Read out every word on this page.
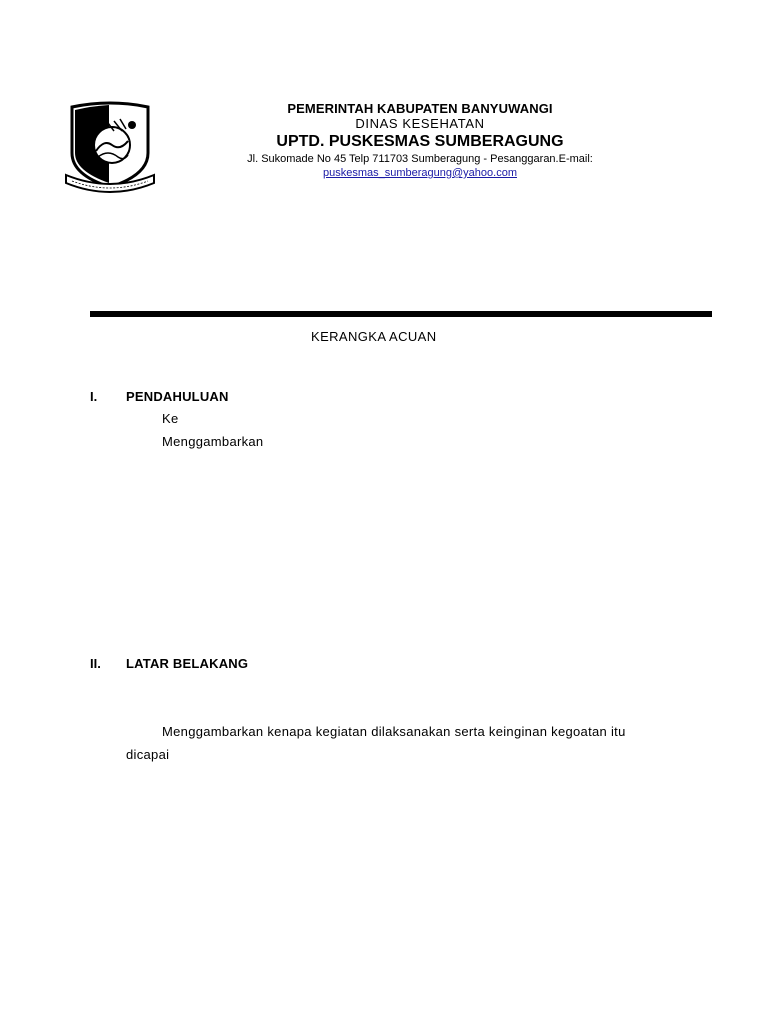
PEMERINTAH KABUPATEN BANYUWANGI
DINAS KESEHATAN
UPTD. PUSKESMAS SUMBERAGUNG
Jl. Sukomade No 45 Telp 711703 Sumberagung - Pesanggaran.E-mail:
puskesmas_sumberagung@yahoo.com
KERANGKA ACUAN
I. PENDAHULUAN
Ke
Menggambarkan
II. LATAR BELAKANG
Menggambarkan kenapa kegiatan dilaksanakan serta keinginan kegoatan itu
dicapai
